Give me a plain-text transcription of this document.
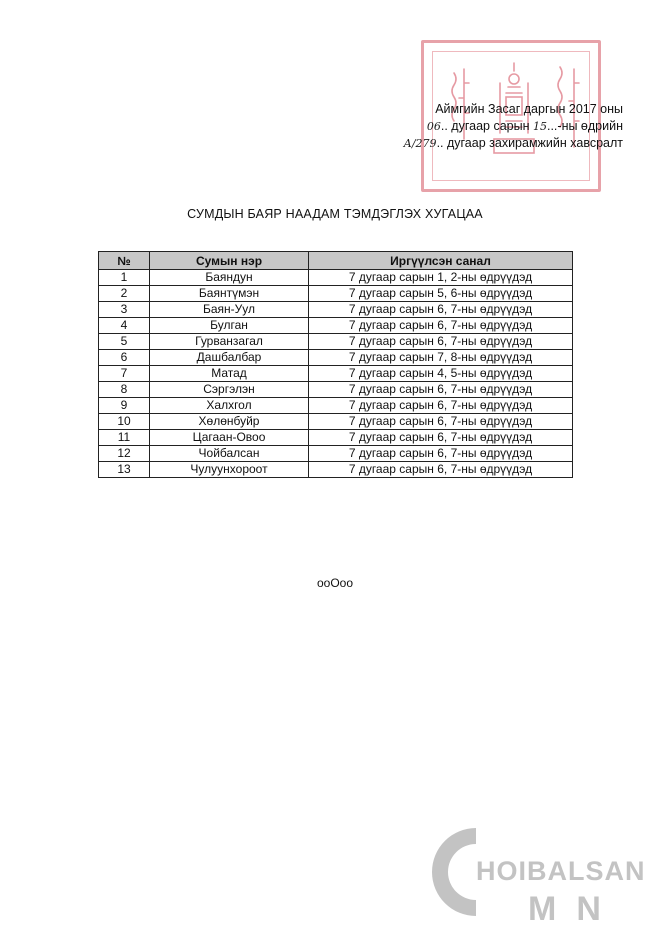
Аймгийн Засаг даргын 2017 оны
06.. дугаар сарын 15...-ны өдрийн
А/279.. дугаар захирамжийн хавсралт
СУМДЫН БАЯР НААДАМ ТЭМДЭГЛЭХ ХУГАЦАА
№	Сумын нэр	Иргүүлсэн санал
1	Баяндун	7 дугаар сарын 1, 2-ны өдрүүдэд
2	Баянтүмэн	7 дугаар сарын 5, 6-ны өдрүүдэд
3	Баян-Уул	7 дугаар сарын 6, 7-ны өдрүүдэд
4	Булган	7 дугаар сарын 6, 7-ны өдрүүдэд
5	Гурванзагал	7 дугаар сарын 6, 7-ны өдрүүдэд
6	Дашбалбар	7 дугаар сарын 7, 8-ны өдрүүдэд
7	Матад	7 дугаар сарын 4, 5-ны өдрүүдэд
8	Сэргэлэн	7 дугаар сарын 6, 7-ны өдрүүдэд
9	Халхгол	7 дугаар сарын 6, 7-ны өдрүүдэд
10	Хөлөнбуйр	7 дугаар сарын 6, 7-ны өдрүүдэд
11	Цагаан-Овоо	7 дугаар сарын 6, 7-ны өдрүүдэд
12	Чойбалсан	7 дугаар сарын 6, 7-ны өдрүүдэд
13	Чулуунхороот	7 дугаар сарын 6, 7-ны өдрүүдэд
ooOoo
HOIBALSAN
MN
